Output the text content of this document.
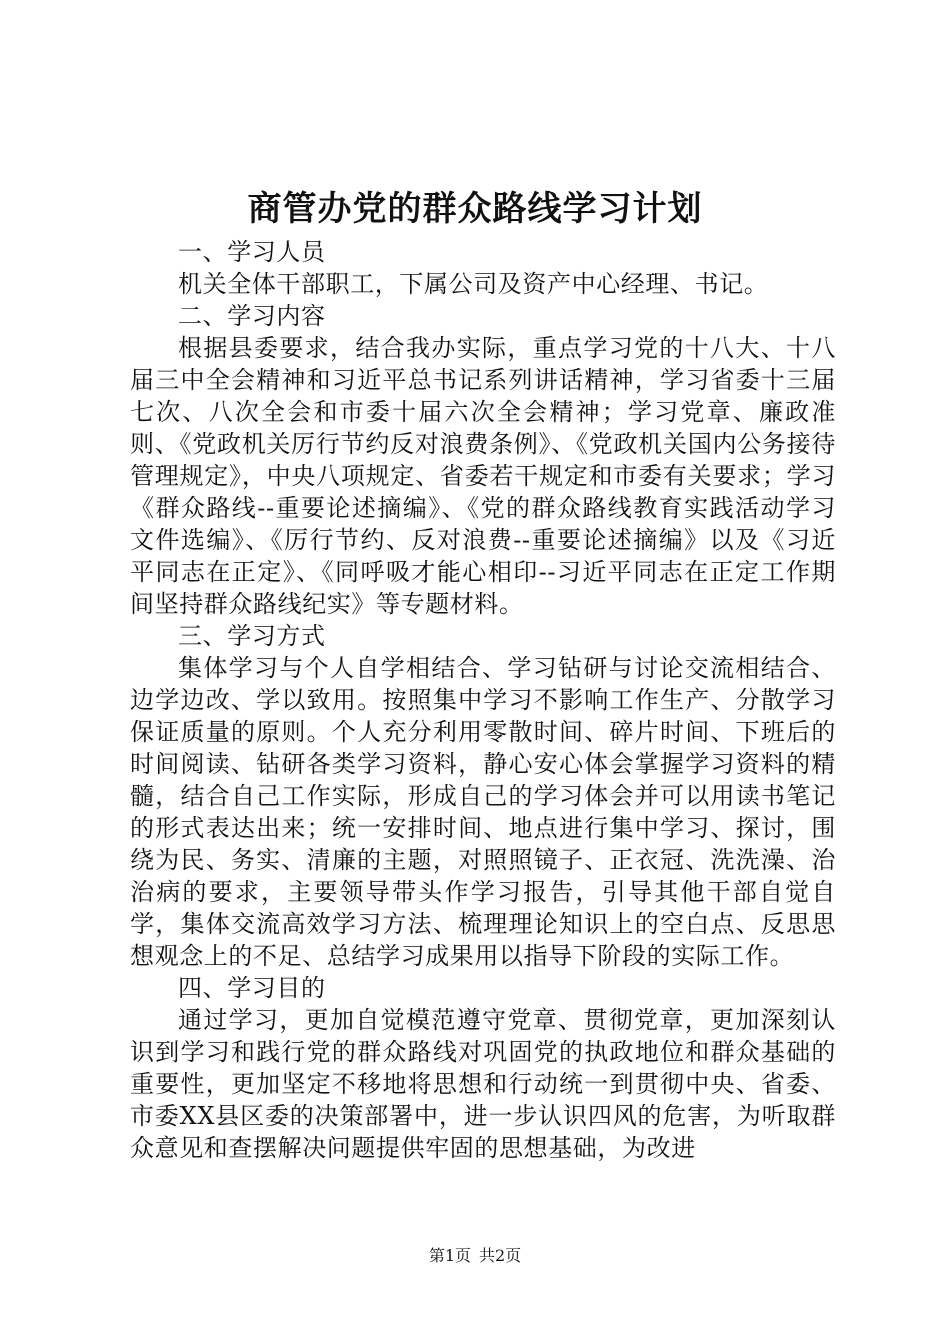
商管办党的群众路线学习计划

一、学习人员

机关全体干部职工，下属公司及资产中心经理、书记。

二、学习内容

根据县委要求，结合我办实际，重点学习党的十八大、十八届三中全会精神和习近平总书记系列讲话精神，学习省委十三届七次、八次全会和市委十届六次全会精神；学习党章、廉政准则、《党政机关厉行节约反对浪费条例》、《党政机关国内公务接待管理规定》，中央八项规定、省委若干规定和市委有关要求；学习《群众路线--重要论述摘编》、《党的群众路线教育实践活动学习文件选编》、《厉行节约、反对浪费--重要论述摘编》以及《习近平同志在正定》、《同呼吸才能心相印--习近平同志在正定工作期间坚持群众路线纪实》等专题材料。

三、学习方式

集体学习与个人自学相结合、学习钻研与讨论交流相结合、边学边改、学以致用。按照集中学习不影响工作生产、分散学习保证质量的原则。个人充分利用零散时间、碎片时间、下班后的时间阅读、钻研各类学习资料，静心安心体会掌握学习资料的精髓，结合自己工作实际，形成自己的学习体会并可以用读书笔记的形式表达出来；统一安排时间、地点进行集中学习、探讨，围绕为民、务实、清廉的主题，对照照镜子、正衣冠、洗洗澡、治治病的要求，主要领导带头作学习报告，引导其他干部自觉自学，集体交流高效学习方法、梳理理论知识上的空白点、反思思想观念上的不足、总结学习成果用以指导下阶段的实际工作。

四、学习目的

通过学习，更加自觉模范遵守党章、贯彻党章，更加深刻认识到学习和践行党的群众路线对巩固党的执政地位和群众基础的重要性，更加坚定不移地将思想和行动统一到贯彻中央、省委、市委XX县区委的决策部署中，进一步认识四风的危害，为听取群众意见和查摆解决问题提供牢固的思想基础，为改进

第1页 共2页
